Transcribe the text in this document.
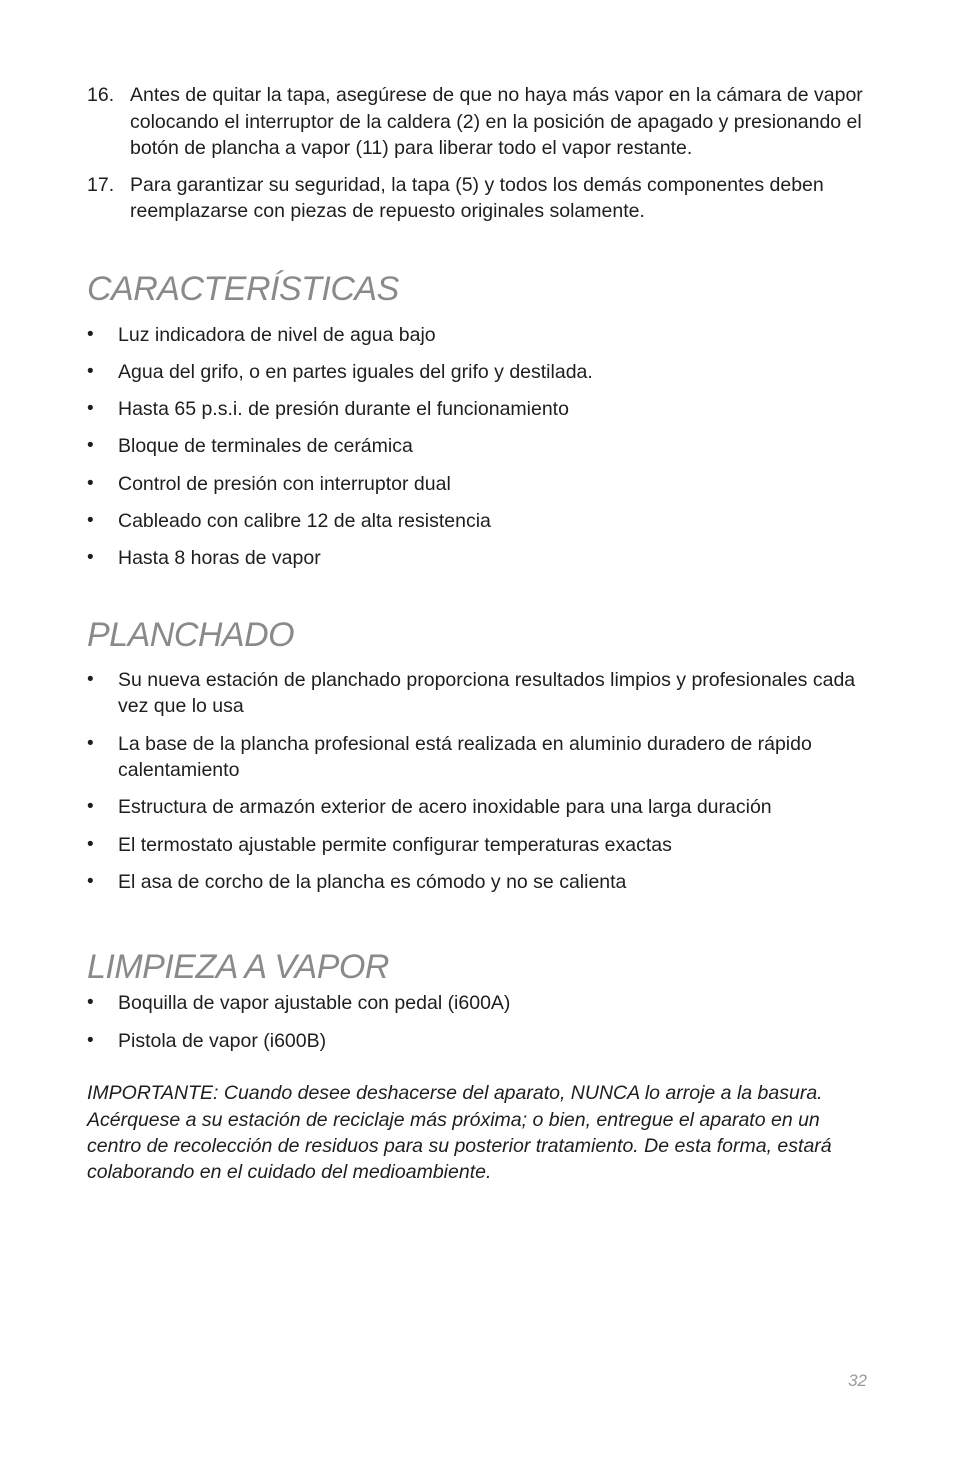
16. Antes de quitar la tapa, asegúrese de que no haya más vapor en la cámara de vapor colocando el interruptor de la caldera (2) en la posición de apagado y presionando el botón de plancha a vapor (11) para liberar todo el vapor restante.
17. Para garantizar su seguridad, la tapa (5) y todos los demás componentes deben reemplazarse con piezas de repuesto originales solamente.
CARACTERÍSTICAS
•	Luz indicadora de nivel de agua bajo
•	Agua del grifo, o en partes iguales del grifo y destilada.
•	Hasta 65 p.s.i. de presión durante el funcionamiento
•	Bloque de terminales de cerámica
•	Control de presión con interruptor dual
•	Cableado con calibre 12 de alta resistencia
•	Hasta 8 horas de vapor
PLANCHADO
•	Su nueva estación de planchado proporciona resultados limpios y profesionales cada vez que lo usa
•	La base de la plancha profesional está realizada en aluminio duradero de rápido calentamiento
•	Estructura de armazón exterior de acero inoxidable para una larga duración
•	El termostato ajustable permite configurar temperaturas exactas
•	El asa de corcho de la plancha es cómodo y no se calienta
LIMPIEZA A VAPOR
•	Boquilla de vapor ajustable con pedal (i600A)
•	Pistola de vapor (i600B)

IMPORTANTE: Cuando desee deshacerse del aparato, NUNCA lo arroje a la basura. Acérquese a su estación de reciclaje más próxima; o bien, entregue el aparato en un centro de recolección de residuos para su posterior tratamiento. De esta forma, estará colaborando en el cuidado del medioambiente.

32
